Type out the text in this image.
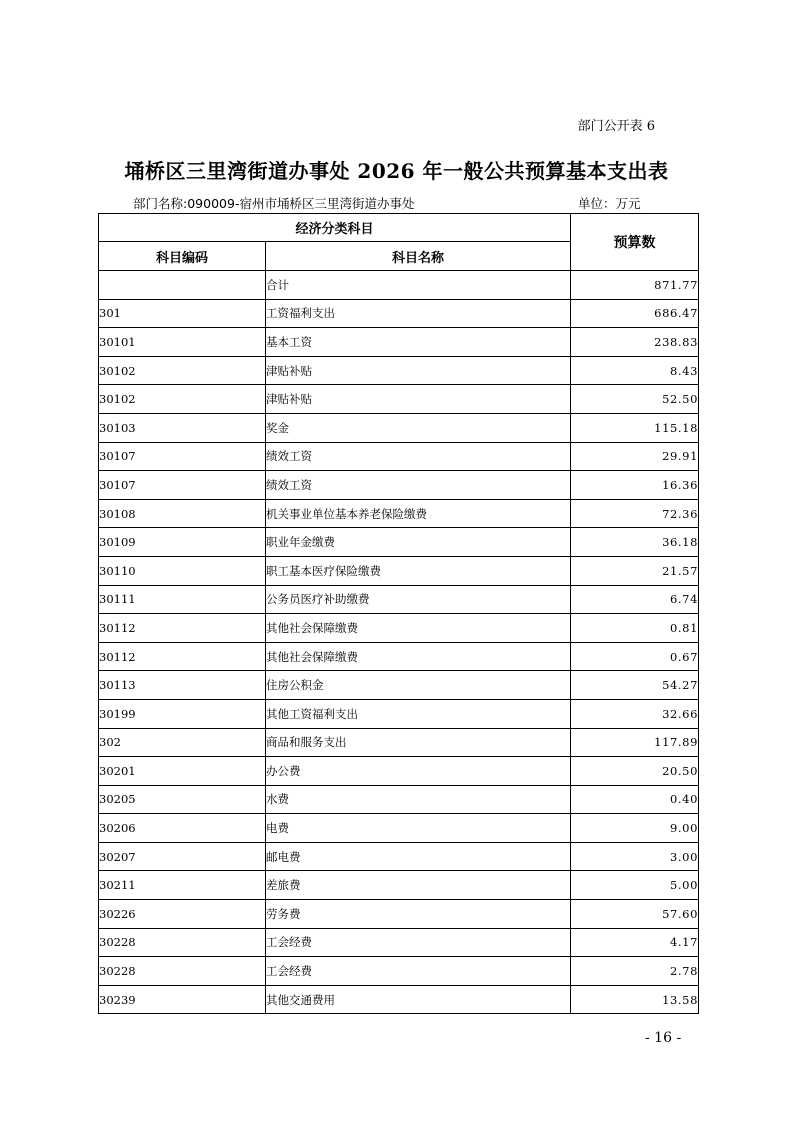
部门公开表 6
埇桥区三里湾街道办事处 2026 年一般公共预算基本支出表
部门名称:090009-宿州市埇桥区三里湾街道办事处	单位：万元
经济分类科目		预算数
科目编码	科目名称	
	合计	871.77
301	工资福利支出	686.47
30101	基本工资	238.83
30102	津贴补贴	8.43
30102	津贴补贴	52.50
30103	奖金	115.18
30107	绩效工资	29.91
30107	绩效工资	16.36
30108	机关事业单位基本养老保险缴费	72.36
30109	职业年金缴费	36.18
30110	职工基本医疗保险缴费	21.57
30111	公务员医疗补助缴费	6.74
30112	其他社会保障缴费	0.81
30112	其他社会保障缴费	0.67
30113	住房公积金	54.27
30199	其他工资福利支出	32.66
302	商品和服务支出	117.89
30201	办公费	20.50
30205	水费	0.40
30206	电费	9.00
30207	邮电费	3.00
30211	差旅费	5.00
30226	劳务费	57.60
30228	工会经费	4.17
30228	工会经费	2.78
30239	其他交通费用	13.58
- 16 -
